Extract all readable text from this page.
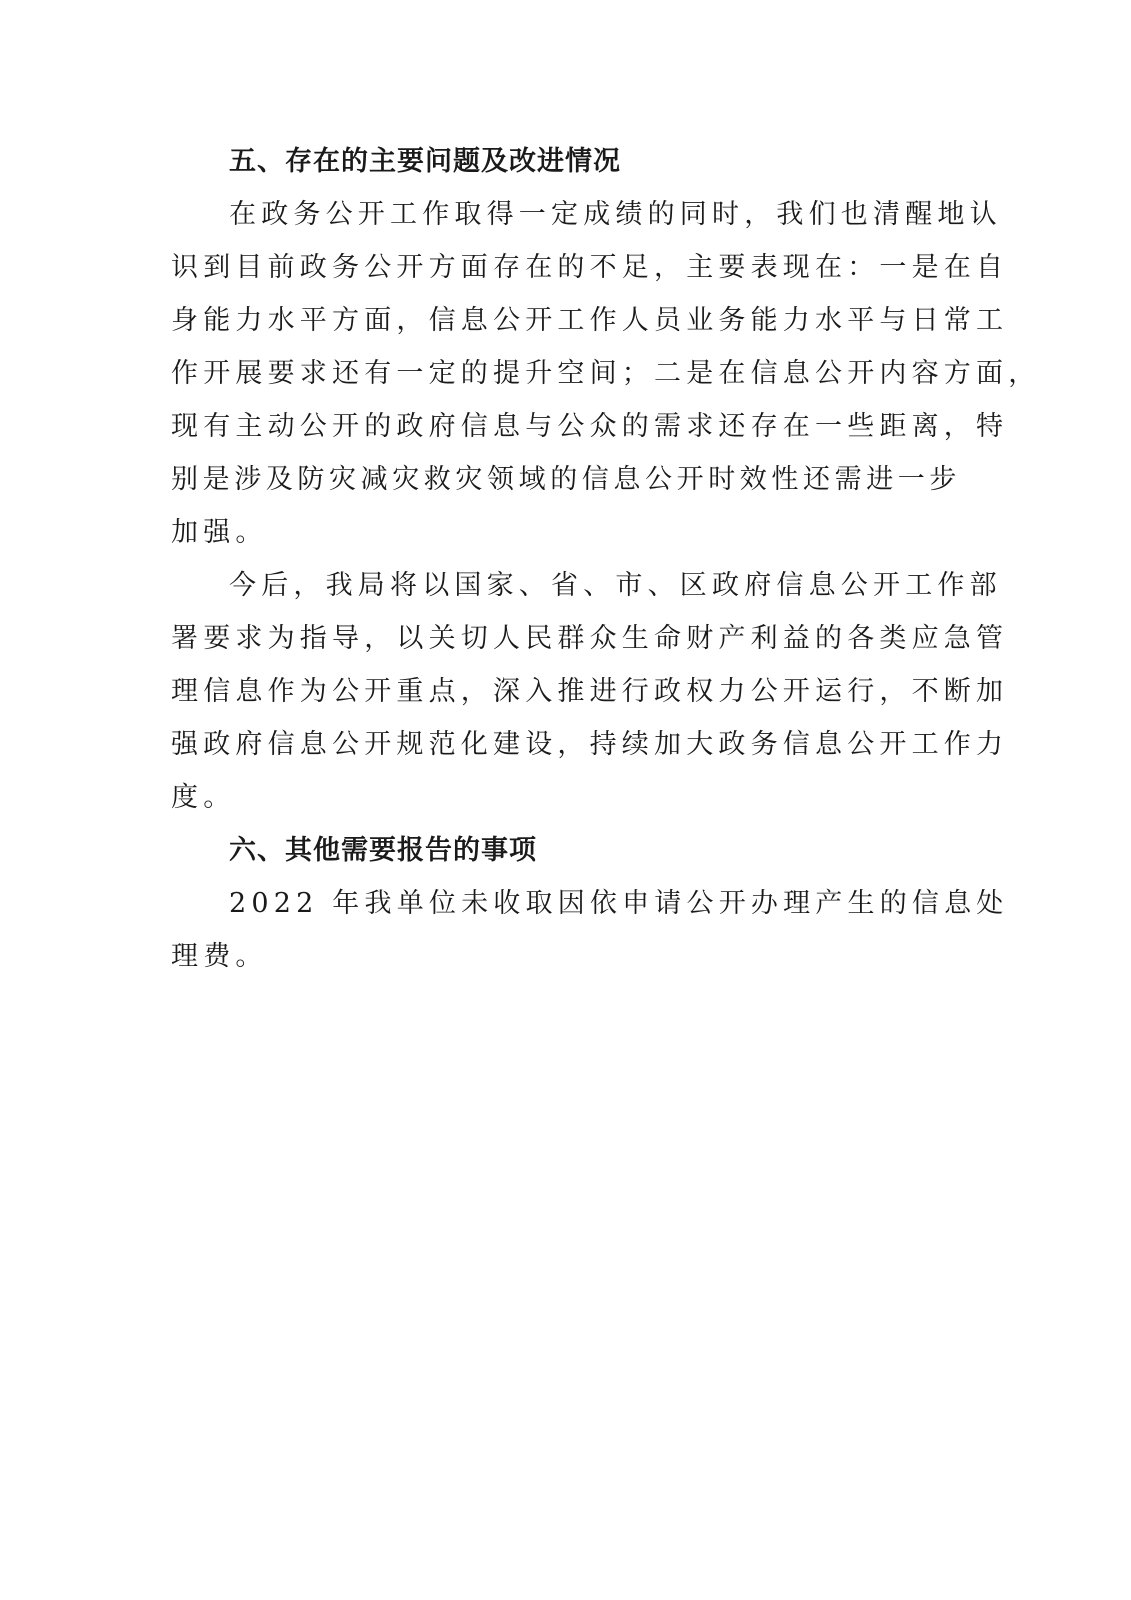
五、存在的主要问题及改进情况

在政务公开工作取得一定成绩的同时，我们也清醒地认
识到目前政务公开方面存在的不足，主要表现在：一是在自
身能力水平方面，信息公开工作人员业务能力水平与日常工
作开展要求还有一定的提升空间；二是在信息公开内容方面，
现有主动公开的政府信息与公众的需求还存在一些距离，特
别是涉及防灾减灾救灾领域的信息公开时效性还需进一步
加强。

今后，我局将以国家、省、市、区政府信息公开工作部
署要求为指导，以关切人民群众生命财产利益的各类应急管
理信息作为公开重点，深入推进行政权力公开运行，不断加
强政府信息公开规范化建设，持续加大政务信息公开工作力
度。

六、其他需要报告的事项

2022 年我单位未收取因依申请公开办理产生的信息处
理费。
